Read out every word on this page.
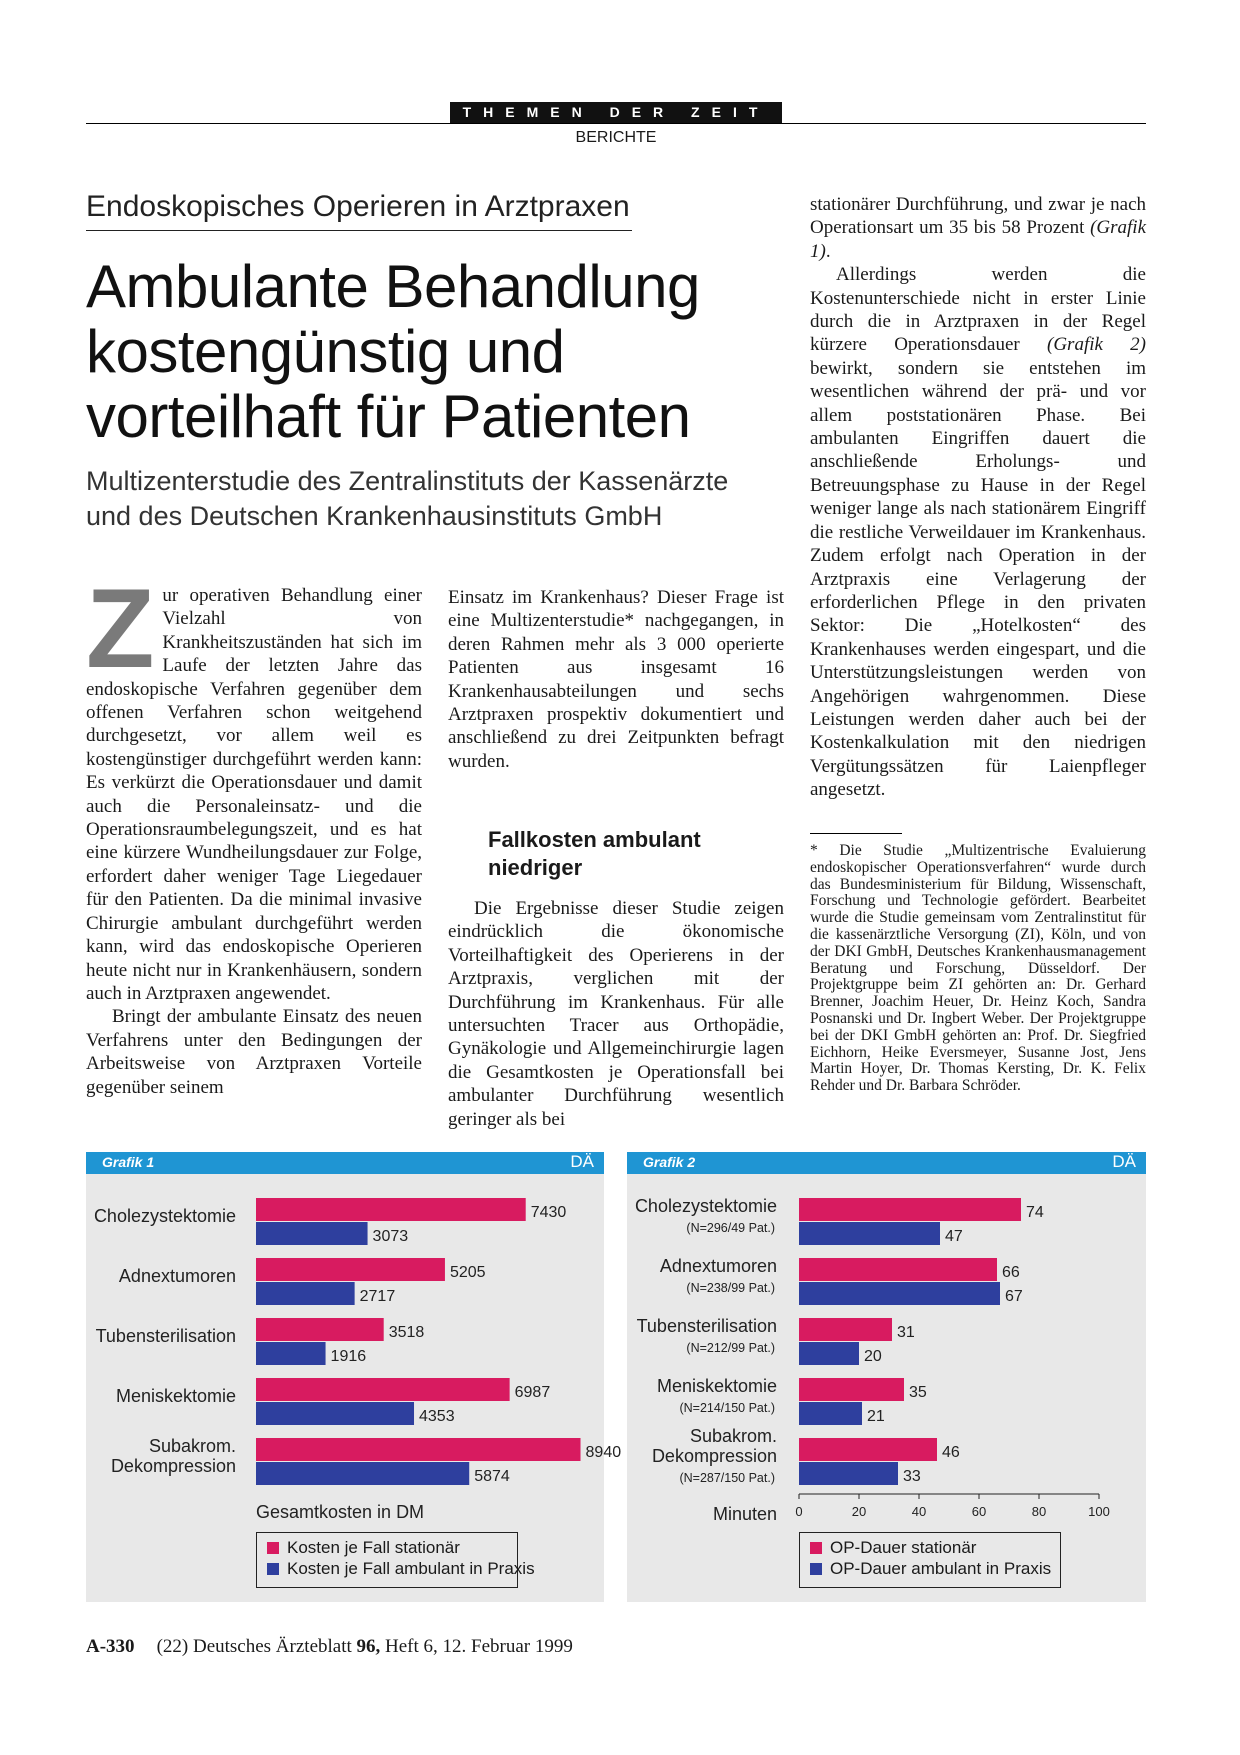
THEMEN DER ZEIT
BERICHTE
Endoskopisches Operieren in Arztpraxen
Ambulante Behandlung kostengünstig und vorteilhaft für Patienten
Multizenterstudie des Zentralinstituts der Kassenärzte und des Deutschen Krankenhausinstituts GmbH

Zur operativen Behandlung einer Vielzahl von Krankheitszuständen hat sich im Laufe der letzten Jahre das endoskopische Verfahren gegenüber dem offenen Verfahren schon weitgehend durchgesetzt, vor allem weil es kostengünstiger durchgeführt werden kann: Es verkürzt die Operationsdauer und damit auch die Personaleinsatz- und die Operationsraumbelegungszeit, und es hat eine kürzere Wundheilungsdauer zur Folge, erfordert daher weniger Tage Liegedauer für den Patienten. Da die minimal invasive Chirurgie ambulant durchgeführt werden kann, wird das endoskopische Operieren heute nicht nur in Krankenhäusern, sondern auch in Arztpraxen angewendet.

Bringt der ambulante Einsatz des neuen Verfahrens unter den Bedingungen der Arbeitsweise von Arztpraxen Vorteile gegenüber seinem

Einsatz im Krankenhaus? Dieser Frage ist eine Multizenterstudie* nachgegangen, in deren Rahmen mehr als 3 000 operierte Patienten aus insgesamt 16 Krankenhausabteilungen und sechs Arztpraxen prospektiv dokumentiert und anschließend zu drei Zeitpunkten befragt wurden.

Fallkosten ambulant niedriger

Die Ergebnisse dieser Studie zeigen eindrücklich die ökonomische Vorteilhaftigkeit des Operierens in der Arztpraxis, verglichen mit der Durchführung im Krankenhaus. Für alle untersuchten Tracer aus Orthopädie, Gynäkologie und Allgemeinchirurgie lagen die Gesamtkosten je Operationsfall bei ambulanter Durchführung wesentlich geringer als bei

stationärer Durchführung, und zwar je nach Operationsart um 35 bis 58 Prozent (Grafik 1).

Allerdings werden die Kostenunterschiede nicht in erster Linie durch die in Arztpraxen in der Regel kürzere Operationsdauer (Grafik 2) bewirkt, sondern sie entstehen im wesentlichen während der prä- und vor allem poststationären Phase. Bei ambulanten Eingriffen dauert die anschließende Erholungs- und Betreuungsphase zu Hause in der Regel weniger lange als nach stationärem Eingriff die restliche Verweildauer im Krankenhaus. Zudem erfolgt nach Operation in der Arztpraxis eine Verlagerung der erforderlichen Pflege in den privaten Sektor: Die „Hotelkosten“ des Krankenhauses werden eingespart, und die Unterstützungsleistungen werden von Angehörigen wahrgenommen. Diese Leistungen werden daher auch bei der Kostenkalkulation mit den niedrigen Vergütungssätzen für Laienpfleger angesetzt.

* Die Studie „Multizentrische Evaluierung endoskopischer Operationsverfahren“ wurde durch das Bundesministerium für Bildung, Wissenschaft, Forschung und Technologie gefördert. Bearbeitet wurde die Studie gemeinsam vom Zentralinstitut für die kassenärztliche Versorgung (ZI), Köln, und von der DKI GmbH, Deutsches Krankenhausmanagement Beratung und Forschung, Düsseldorf. Der Projektgruppe beim ZI gehörten an: Dr. Gerhard Brenner, Joachim Heuer, Dr. Heinz Koch, Sandra Posnanski und Dr. Ingbert Weber. Der Projektgruppe bei der DKI GmbH gehörten an: Prof. Dr. Siegfried Eichhorn, Heike Eversmeyer, Susanne Jost, Jens Martin Hoyer, Dr. Thomas Kersting, Dr. K. Felix Rehder und Dr. Barbara Schröder.
Grafik 1	DÄ
Cholezystektomie	7430
3073
Adnextumoren	5205
2717
Tubensterilisation	3518
1916
Meniskektomie	6987
4353
Subakrom.
Dekompression
8940
5874
Gesamtkosten in DM
Kosten je Fall stationär
Kosten je Fall ambulant in Praxis
Grafik 2	DÄ
Cholezystektomie
(N=296/49 Pat.)
74
47
Adnextumoren
(N=238/99 Pat.)
66
67
Tubensterilisation
(N=212/99 Pat.)
31
20
Meniskektomie
(N=214/150 Pat.)
35
21
Subakrom.
Dekompression
(N=287/150 Pat.)
46
33
0	20	40	60	80	100
Minuten
OP-Dauer stationär
OP-Dauer ambulant in Praxis
A-330 (22) Deutsches Ärzteblatt 96, Heft 6, 12. Februar 1999
